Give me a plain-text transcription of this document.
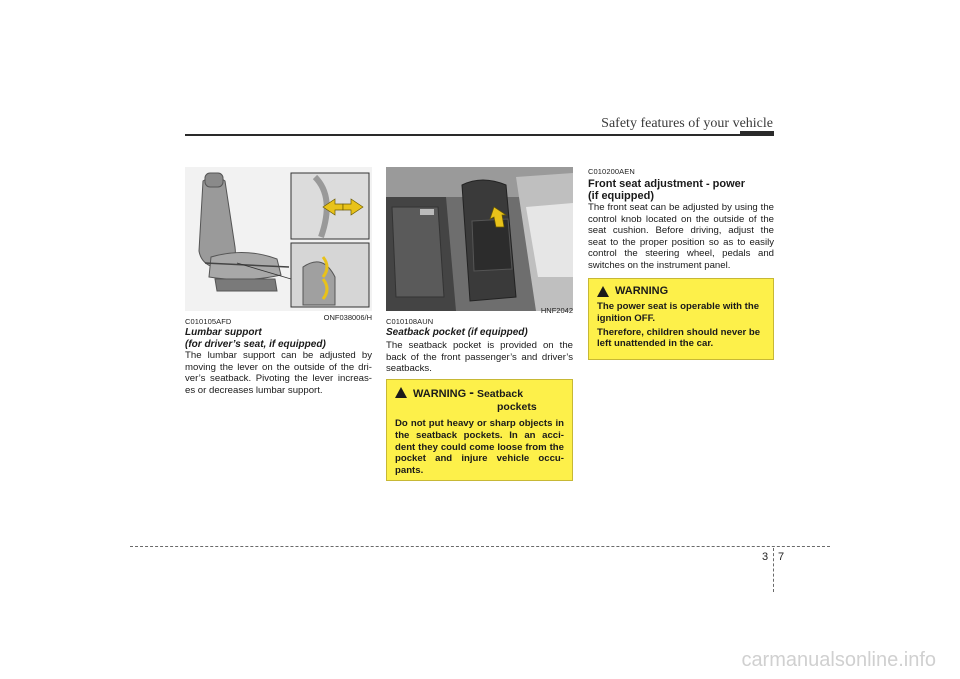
Safety features of your vehicle
ONF038006/H
C010105AFD
Lumbar support
(for driver’s seat, if equipped)
The lumbar support can be adjusted by moving the lever on the outside of the dri-ver’s seatback. Pivoting the lever increas-es or decreases lumbar support.
HNF2042
C010108AUN
Seatback pocket (if equipped)
The seatback pocket is provided on the back of the front passenger’s and driver’s seatbacks.
WARNING - Seatback
pockets
Do not put heavy or sharp objects in the seatback pockets. In an acci-dent they could come loose from the pocket and injure vehicle occu-pants.
C010200AEN
Front seat adjustment - power
(if equipped)
The front seat can be adjusted by using the control knob located on the outside of the seat cushion. Before driving, adjust the seat to the proper position so as to easily control the steering wheel, pedals and switches on the instrument panel.
WARNING
The power seat is operable with the ignition OFF.
Therefore, children should never be left unattended in the car.
3 7
carmanualsonline.info
